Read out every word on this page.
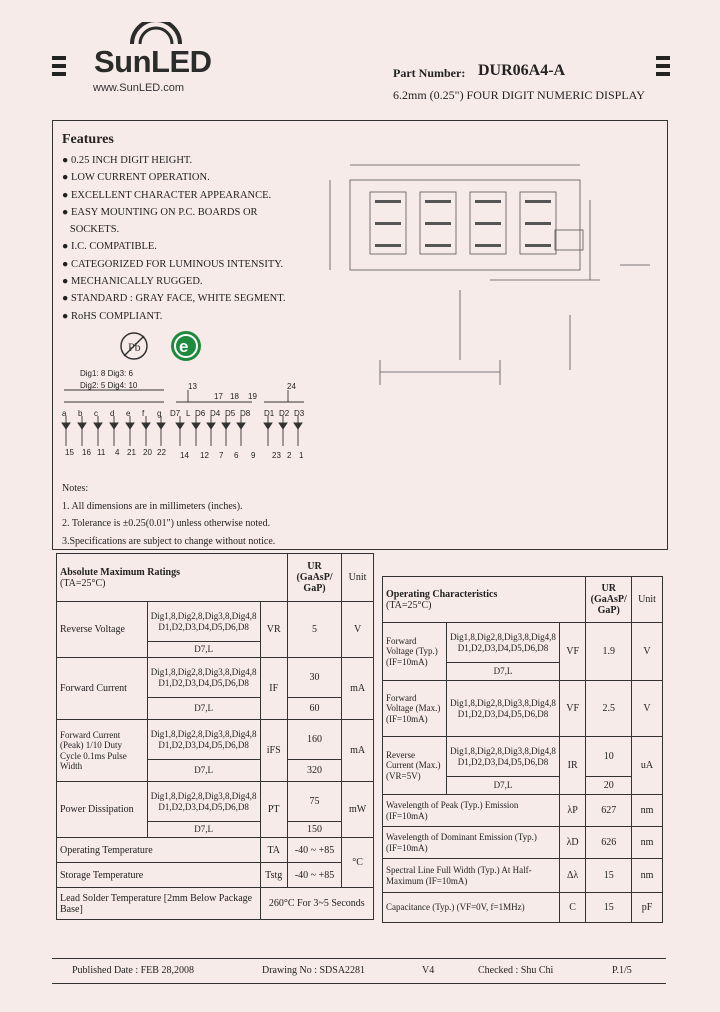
SunLED
www.SunLED.com
Part Number: DUR06A4-A
6.2mm (0.25") FOUR DIGIT NUMERIC DISPLAY
Features
● 0.25 INCH DIGIT HEIGHT.
● LOW CURRENT OPERATION.
● EXCELLENT CHARACTER APPEARANCE.
● EASY MOUNTING ON P.C. BOARDS OR
SOCKETS.
● I.C. COMPATIBLE.
● CATEGORIZED FOR LUMINOUS INTENSITY.
● MECHANICALLY RUGGED.
● STANDARD : GRAY FACE, WHITE SEGMENT.
● RoHS COMPLIANT.
Pb e
Dig1: 8 Dig3: 6
Dig2: 5 Dig4: 10	13
17 18 19
24
a b c d e f g D7 L D6 D4 D5 D8 D1 D2 D3
15 16 11 4 21 20 22 14 12 7 6 9 23 2 1
Notes:
1. All dimensions are in millimeters (inches).
2. Tolerance is ±0.25(0.01") unless otherwise noted.
3.Specifications are subject to change without notice.
Absolute Maximum Ratings
(TA=25°C)			UR (GaAsP/ GaP)	Unit
Reverse Voltage	Dig1,8,Dig2,8,Dig3,8,Dig4,8
D1,D2,D3,D4,D5,D6,D8	VR	5	V
	D7,L			
Forward Current	Dig1,8,Dig2,8,Dig3,8,Dig4,8
D1,D2,D3,D4,D5,D6,D8	IF	30	mA
	D7,L		60	
Forward Current (Peak) 1/10 Duty Cycle 0.1ms Pulse Width	Dig1,8,Dig2,8,Dig3,8,Dig4,8
D1,D2,D3,D4,D5,D6,D8	iFS	160	mA
	D7,L		320	
Power Dissipation	Dig1,8,Dig2,8,Dig3,8,Dig4,8
D1,D2,D3,D4,D5,D6,D8	PT	75	mW
	D7,L		150	
Operating Temperature		TA	-40 ~ +85	°C
Storage Temperature		Tstg	-40 ~ +85	
Lead Solder Temperature [2mm Below Package Base]		260°C For 3~5 Seconds		
Operating Characteristics
(TA=25°C)			UR (GaAsP/ GaP)	Unit
Forward Voltage (Typ.) (IF=10mA)	Dig1,8,Dig2,8,Dig3,8,Dig4,8
D1,D2,D3,D4,D5,D6,D8	VF	1.9	V
	D7,L			
Forward Voltage (Max.) (IF=10mA)	Dig1,8,Dig2,8,Dig3,8,Dig4,8
D1,D2,D3,D4,D5,D6,D8	VF	2.5	V
Reverse Current (Max.) (VR=5V)	Dig1,8,Dig2,8,Dig3,8,Dig4,8
D1,D2,D3,D4,D5,D6,D8	IR	10	uA
	D7,L		20	
Wavelength of Peak (Typ.) Emission (IF=10mA)		λP	627	nm
Wavelength of Dominant Emission (Typ.) (IF=10mA)		λD	626	nm
Spectral Line Full Width (Typ.) At Half-Maximum (IF=10mA)		Δλ	15	nm
Capacitance (Typ.) (VF=0V, f=1MHz)		C	15	pF
Published Date : FEB 28,2008	Drawing No : SDSA2281	V4	Checked : Shu Chi	P.1/5
